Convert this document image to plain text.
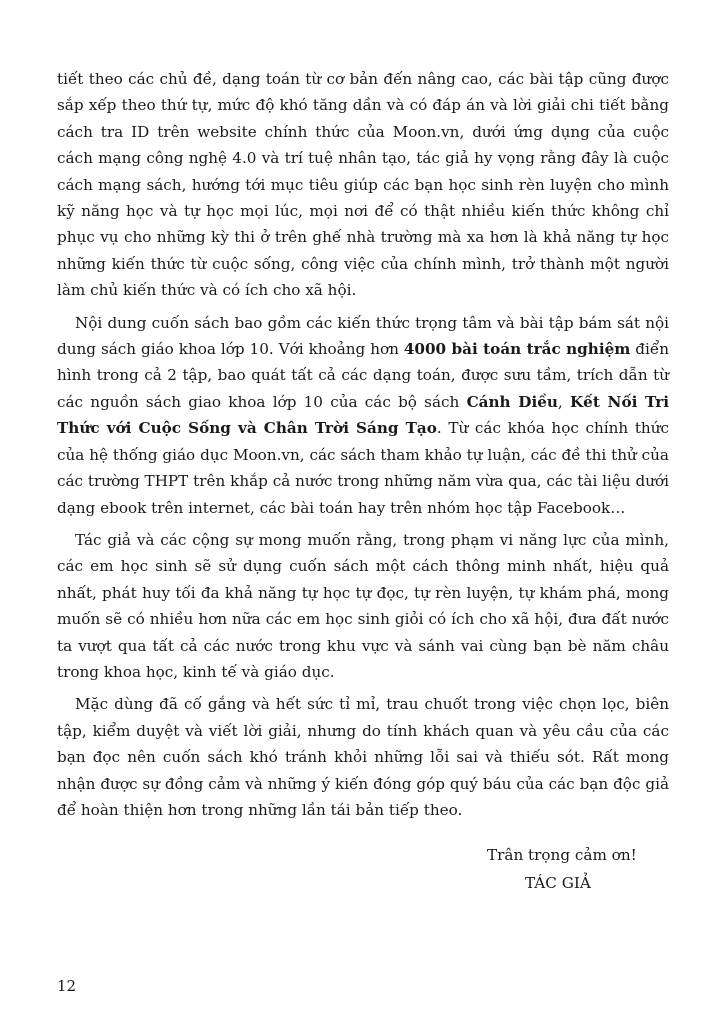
tiết theo các chủ đề, dạng toán từ cơ bản đến nâng cao, các bài tập cũng được sắp xếp theo thứ tự, mức độ khó tăng dần và có đáp án và lời giải chi tiết bằng cách tra ID trên website chính thức của Moon.vn, dưới ứng dụng của cuộc cách mạng công nghệ 4.0 và trí tuệ nhân tạo, tác giả hy vọng rằng đây là cuộc cách mạng sách, hướng tới mục tiêu giúp các bạn học sinh rèn luyện cho mình kỹ năng học và tự học mọi lúc, mọi nơi để có thật nhiều kiến thức không chỉ phục vụ cho những kỳ thi ở trên ghế nhà trường mà xa hơn là khả năng tự học những kiến thức từ cuộc sống, công việc của chính mình, trở thành một người làm chủ kiến thức và có ích cho xã hội.

Nội dung cuốn sách bao gồm các kiến thức trọng tâm và bài tập bám sát nội dung sách giáo khoa lớp 10. Với khoảng hơn 4000 bài toán trắc nghiệm điển hình trong cả 2 tập, bao quát tất cả các dạng toán, được sưu tầm, trích dẫn từ các nguồn sách giao khoa lớp 10 của các bộ sách Cánh Diều, Kết Nối Tri Thức với Cuộc Sống và Chân Trời Sáng Tạo. Từ các khóa học chính thức của hệ thống giáo dục Moon.vn, các sách tham khảo tự luận, các đề thi thử của các trường THPT trên khắp cả nước trong những năm vừa qua, các tài liệu dưới dạng ebook trên internet, các bài toán hay trên nhóm học tập Facebook…

Tác giả và các cộng sự mong muốn rằng, trong phạm vi năng lực của mình, các em học sinh sẽ sử dụng cuốn sách một cách thông minh nhất, hiệu quả nhất, phát huy tối đa khả năng tự học tự đọc, tự rèn luyện, tự khám phá, mong muốn sẽ có nhiều hơn nữa các em học sinh giỏi có ích cho xã hội, đưa đất nước ta vượt qua tất cả các nước trong khu vực và sánh vai cùng bạn bè năm châu trong khoa học, kinh tế và giáo dục.

Mặc dùng đã cố gắng và hết sức tỉ mỉ, trau chuốt trong việc chọn lọc, biên tập, kiểm duyệt và viết lời giải, nhưng do tính khách quan và yêu cầu của các bạn đọc nên cuốn sách khó tránh khỏi những lỗi sai và thiếu sót. Rất mong nhận được sự đồng cảm và những ý kiến đóng góp quý báu của các bạn độc giả để hoàn thiện hơn trong những lần tái bản tiếp theo.

Trân trọng cảm ơn!
TÁC GIẢ
12
